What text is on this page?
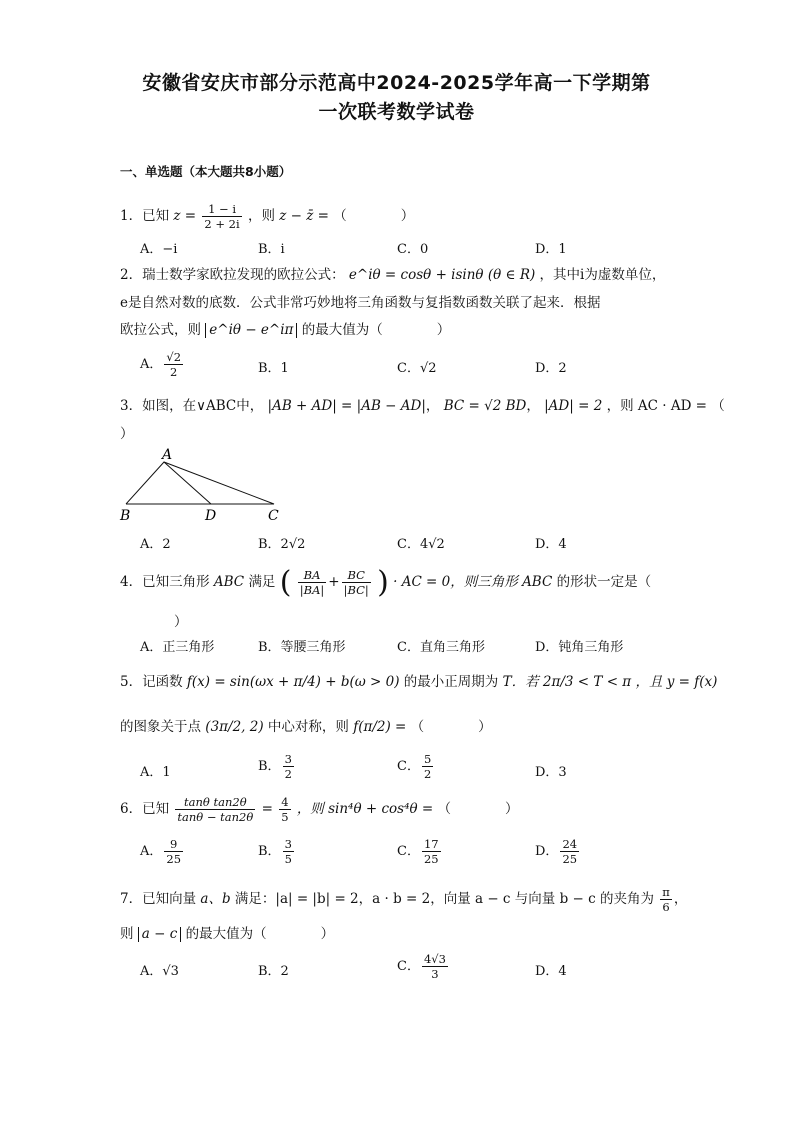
安徽省安庆市部分示范高中2024-2025学年高一下学期第
一次联考数学试卷
一、单选题（本大题共8小题）
1．已知 $z = \frac{1 - i}{2 + 2i}$ ，则 z − z̄ = （　　　　）
A．−i	B．i	C．0	D．1
2．瑞士数学家欧拉发现的欧拉公式： e^iθ = cosθ + isinθ (θ ∈ R) ，其中i为虚数单位，
e是自然对数的底数．公式非常巧妙地将三角函数与复指数函数关联了起来．根据
欧拉公式，则 e^iθ − e^iπ 的最大值为（　　　　）
A． $\frac{√2}{2}$	B．1	C．√2	D．2
3．如图，在∨ABC中， |AB + AD| = |AB − AD|， BC = √2 BD， |AD| = 2 ，则 AC · AD = （
）
A
B	D	C
A．2	B．2√2	C．4√2	D．4
4．已知三角形 ABC 满足 ( $\frac{BA}{|BA|} + \frac{BC}{|BC|}$ ) · AC = 0，则三角形 ABC 的形状一定是（
　　　　）
A．正三角形	B．等腰三角形	C．直角三角形	D．钝角三角形
5．记函数 f(x) = sin(ωx + π/4) + b(ω > 0) 的最小正周期为 T．若 2π/3 < T < π ，且 y = f(x)
的图象关于点 (3π/2, 2) 中心对称，则 f(π/2) = （　　　　）
A．1	B． $\frac{3}{2}$	C． $\frac{5}{2}$	D．3
6．已知 $\frac{\text{tanθ tan2θ}}{\tan\theta - \tan 2\theta} = \frac{4}{5}$ ，则 sin⁴θ + cos⁴θ = （　　　　）
A． $\frac{9}{25}$	B． $\frac{3}{5}$	C． $\frac{17}{25}$	D． $\frac{24}{25}$
7．已知向量 a、b 满足：|a| = |b| = 2，a · b = 2，向量 a − c 与向量 b − c 的夹角为 $\frac{\pi}{6}$ ，
则 a − c 的最大值为（　　　　）
A．√3	B．2	C． $\frac{4√3}{3}$	D．4
